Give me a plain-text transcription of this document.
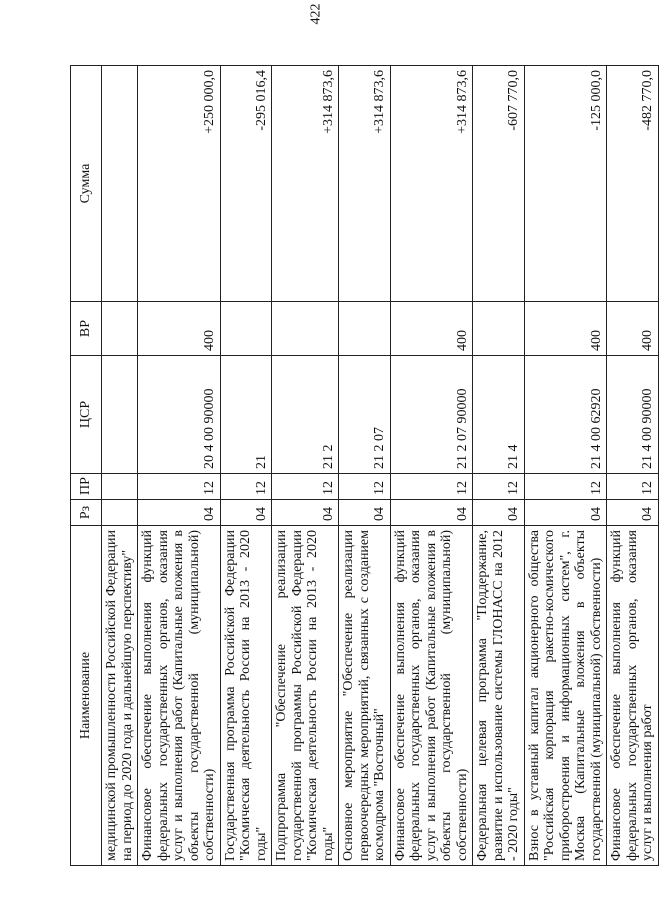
422
Наименование	Рз	ПР	ЦСР	ВР	Сумма
медицинской промышленности Российской Федерации на период до 2020 года и дальнейшую перспективу"					
Финансовое обеспечение выполнения функций федеральных государственных органов, оказания услуг и выполнения работ (Капитальные вложения в объекты государственной (муниципальной) собственности)	04	12	20 4 00 90000	400	+250 000,0
Государственная программа Российской Федерации "Космическая деятельность России на 2013 - 2020 годы"	04	12	21		-295 016,4
Подпрограмма "Обеспечение реализации государственной программы Российской Федерации "Космическая деятельность России на 2013 - 2020 годы"	04	12	21 2		+314 873,6
Основное мероприятие "Обеспечение реализации первоочередных мероприятий, связанных с созданием космодрома "Восточный"	04	12	21 2 07		+314 873,6
Финансовое обеспечение выполнения функций федеральных государственных органов, оказания услуг и выполнения работ (Капитальные вложения в объекты государственной (муниципальной) собственности)	04	12	21 2 07 90000	400	+314 873,6
Федеральная целевая программа "Поддержание, развитие и использование системы ГЛОНАСС на 2012 - 2020 годы"	04	12	21 4		-607 770,0
Взнос в уставный капитал акционерного общества "Российская корпорация ракетно-космического приборостроения и информационных систем", г. Москва (Капитальные вложения в объекты государственной (муниципальной) собственности)	04	12	21 4 00 62920	400	-125 000,0
Финансовое обеспечение выполнения функций федеральных государственных органов, оказания услуг и выполнения работ	04	12	21 4 00 90000	400	-482 770,0
